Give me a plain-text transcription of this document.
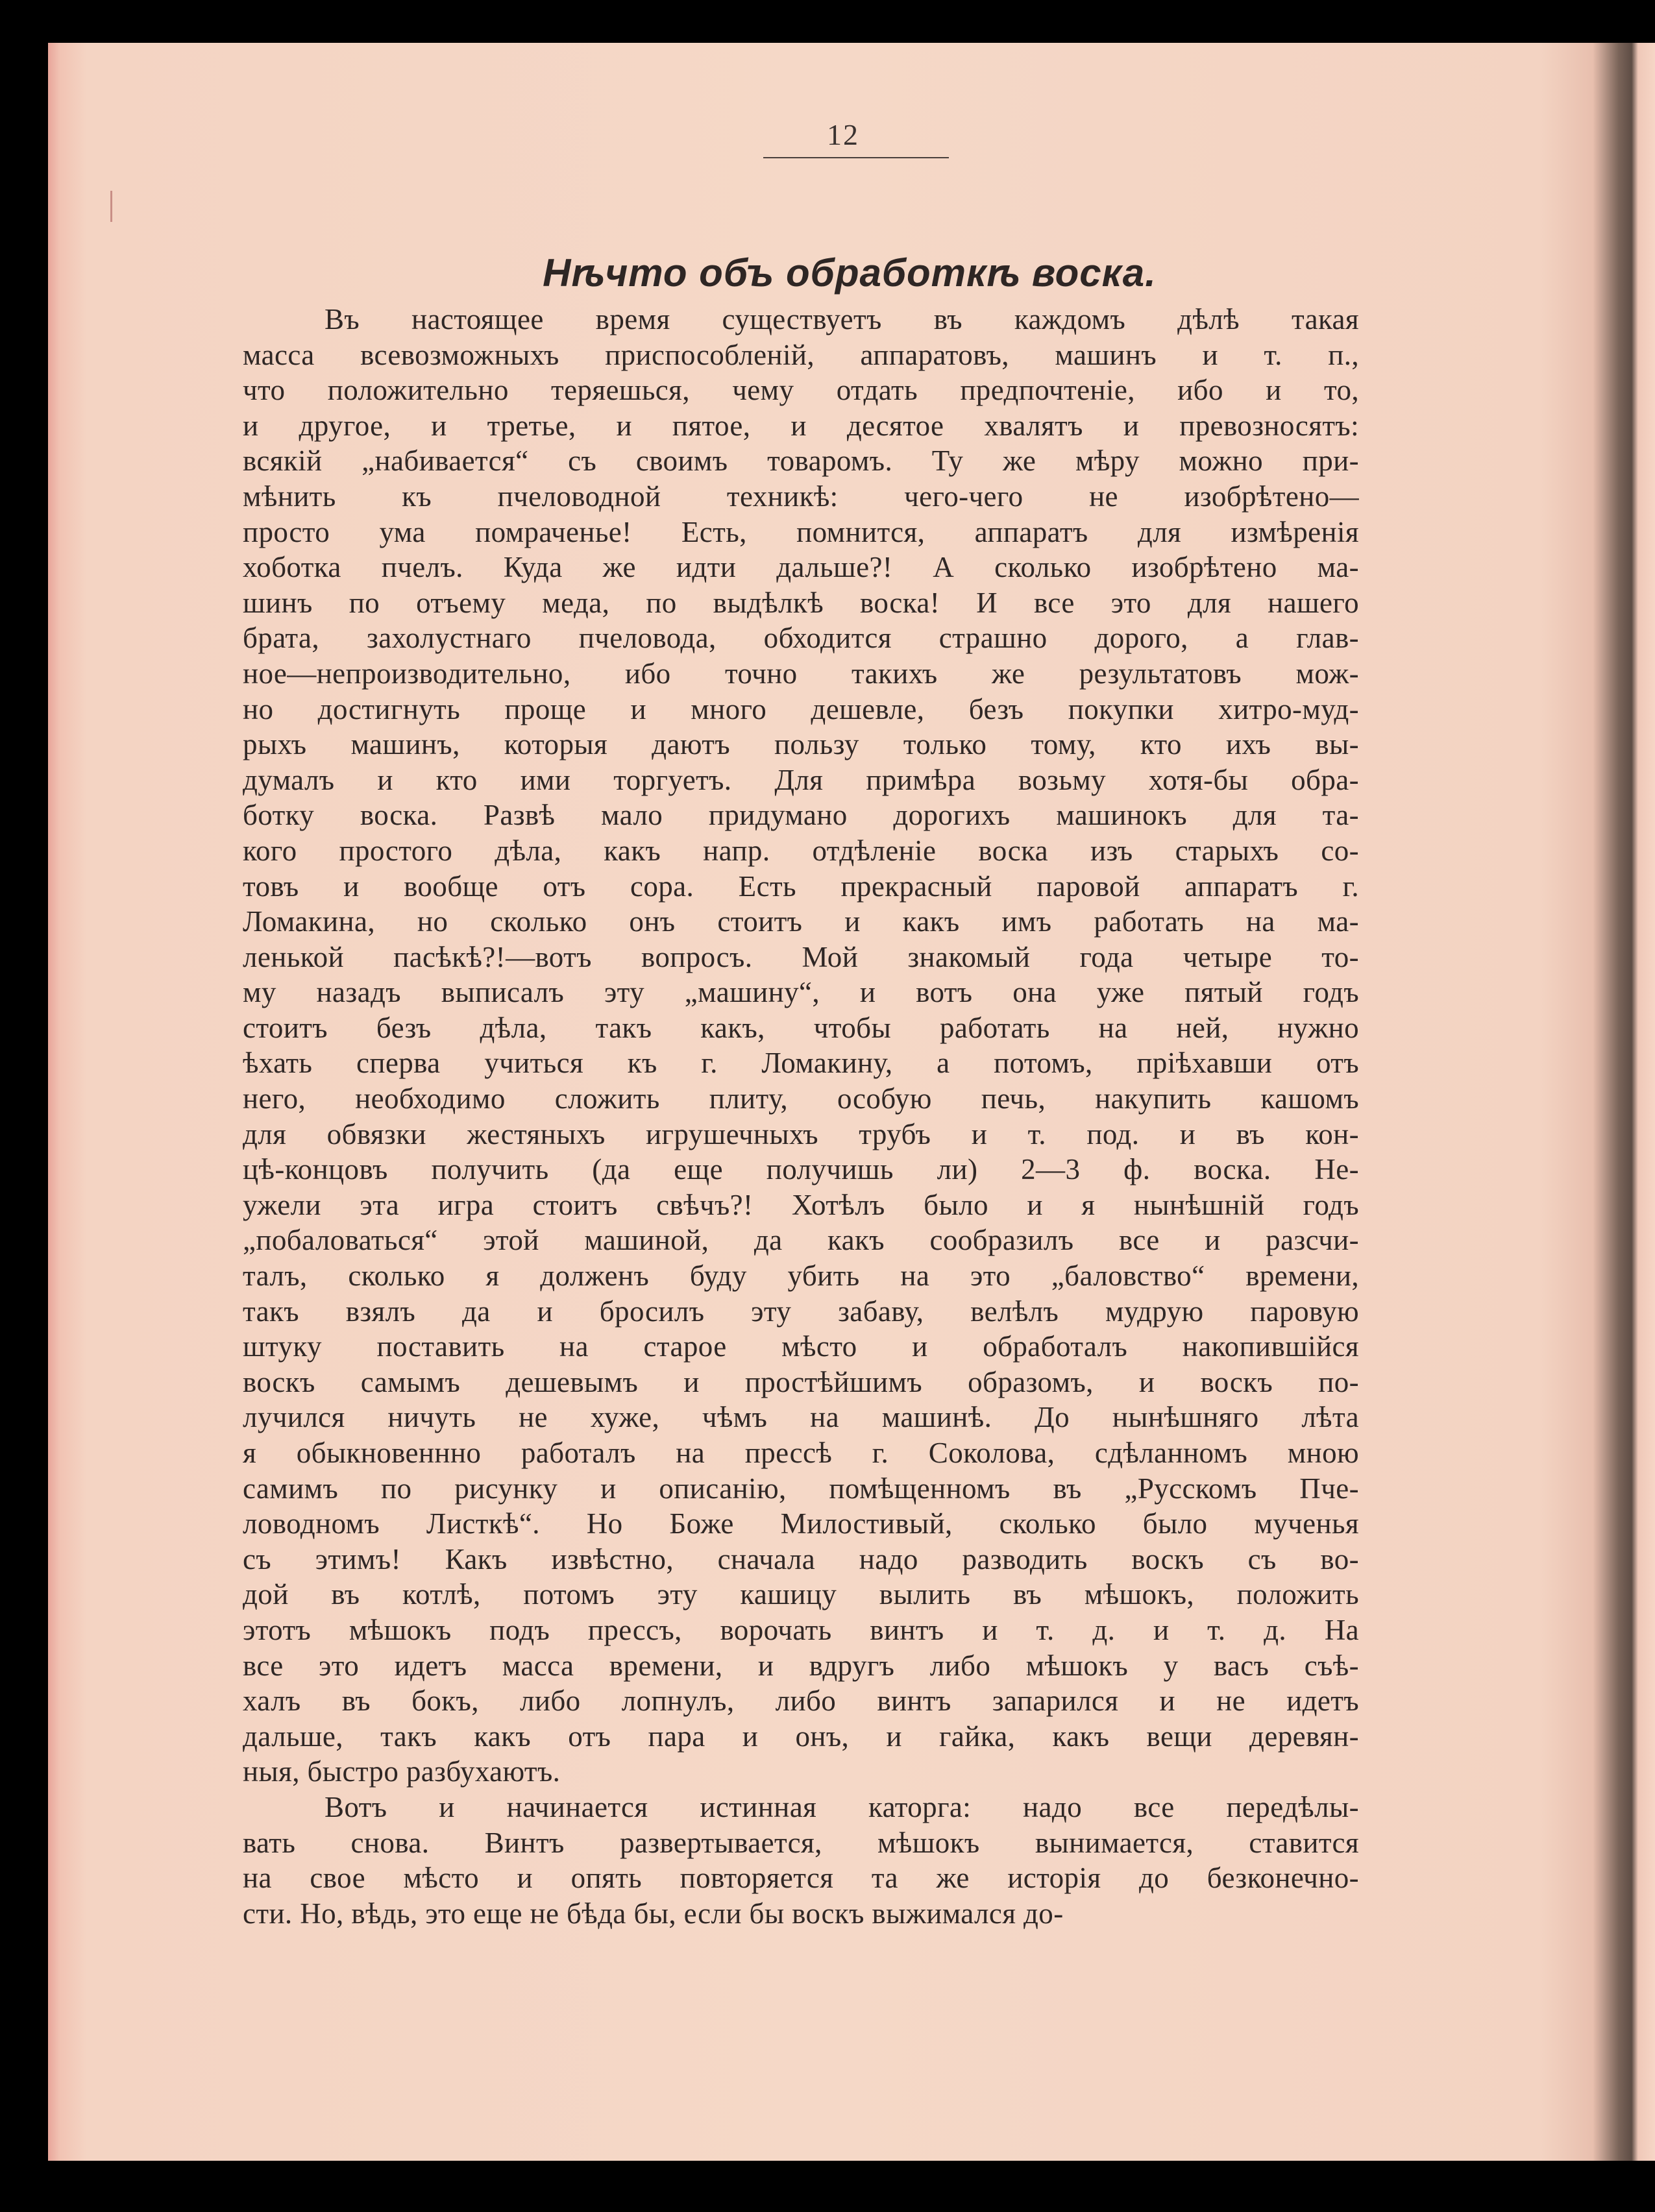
12
Нѣчто объ обработкѣ воска.
Въ настоящее время существуетъ въ каждомъ дѣлѣ такая
масса всевозможныхъ приспособленій, аппаратовъ, машинъ и т. п.,
что положительно теряешься, чему отдать предпочтеніе, ибо и то,
и другое, и третье, и пятое, и десятое хвалятъ и превозносятъ:
всякій „набивается“ съ своимъ товаромъ. Ту же мѣру можно при-
мѣнить къ пчеловодной техникѣ: чего-чего не изобрѣтено—
просто ума помраченье! Есть, помнится, аппаратъ для измѣренія
хоботка пчелъ. Куда же идти дальше?! А сколько изобрѣтено ма-
шинъ по отъему меда, по выдѣлкѣ воска! И все это для нашего
брата, захолустнаго пчеловода, обходится страшно дорого, а глав-
ное—непроизводительно, ибо точно такихъ же результатовъ мож-
но достигнуть проще и много дешевле, безъ покупки хитро-муд-
рыхъ машинъ, которыя даютъ пользу только тому, кто ихъ вы-
думалъ и кто ими торгуетъ. Для примѣра возьму хотя-бы обра-
ботку воска. Развѣ мало придумано дорогихъ машинокъ для та-
кого простого дѣла, какъ напр. отдѣленіе воска изъ старыхъ со-
товъ и вообще отъ сора. Есть прекрасный паровой аппаратъ г.
Ломакина, но сколько онъ стоитъ и какъ имъ работать на ма-
ленькой пасѣкѣ?!—вотъ вопросъ. Мой знакомый года четыре то-
му назадъ выписалъ эту „машину“, и вотъ она уже пятый годъ
стоитъ безъ дѣла, такъ какъ, чтобы работать на ней, нужно
ѣхать сперва учиться къ г. Ломакину, а потомъ, пріѣхавши отъ
него, необходимо сложить плиту, особую печь, накупить кашомъ
для обвязки жестяныхъ игрушечныхъ трубъ и т. под. и въ кон-
цѣ-концовъ получить (да еще получишь ли) 2—3 ф. воска. Не-
ужели эта игра стоитъ свѣчъ?! Хотѣлъ было и я нынѣшній годъ
„побаловаться“ этой машиной, да какъ сообразилъ все и разсчи-
талъ, сколько я долженъ буду убить на это „баловство“ времени,
такъ взялъ да и бросилъ эту забаву, велѣлъ мудрую паровую
штуку поставить на старое мѣсто и обработалъ накопившійся
воскъ самымъ дешевымъ и простѣйшимъ образомъ, и воскъ по-
лучился ничуть не хуже, чѣмъ на машинѣ. До нынѣшняго лѣта
я обыкновеннно работалъ на прессѣ г. Соколова, сдѣланномъ мною
самимъ по рисунку и описанію, помѣщенномъ въ „Русскомъ Пче-
ловодномъ Листкѣ“. Но Боже Милостивый, сколько было мученья
съ этимъ! Какъ извѣстно, сначала надо разводить воскъ съ во-
дой въ котлѣ, потомъ эту кашицу вылить въ мѣшокъ, положить
этотъ мѣшокъ подъ прессъ, ворочать винтъ и т. д. и т. д. На
все это идетъ масса времени, и вдругъ либо мѣшокъ у васъ съѣ-
халъ въ бокъ, либо лопнулъ, либо винтъ запарился и не идетъ
дальше, такъ какъ отъ пара и онъ, и гайка, какъ вещи деревян-
ныя, быстро разбухаютъ.
Вотъ и начинается истинная каторга: надо все передѣлы-
вать снова. Винтъ развертывается, мѣшокъ вынимается, ставится
на свое мѣсто и опять повторяется та же исторія до безконечно-
сти. Но, вѣдь, это еще не бѣда бы, если бы воскъ выжимался до-
